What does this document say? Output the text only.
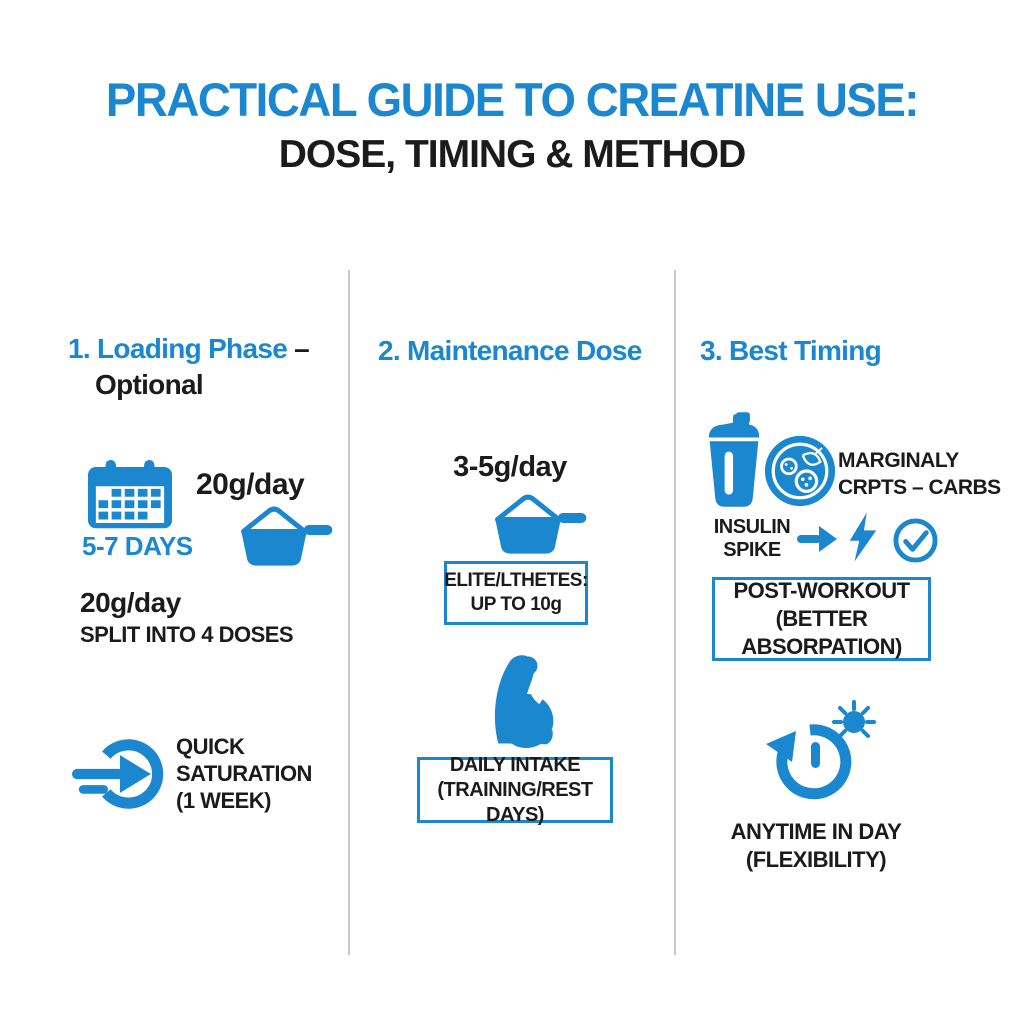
PRACTICAL GUIDE TO CREATINE USE:
DOSE, TIMING & METHOD
1. Loading Phase –
Optional
5-7 DAYS
20g/day
20g/day
SPLIT INTO 4 DOSES
QUICK
SATURATION
(1 WEEK)
2. Maintenance Dose
3-5g/day
ELITE/LTHETES:
UP TO 10g
DAILY INTAKE
(TRAINING/REST DAYS)
3. Best Timing
MARGINALY
CRPTS – CARBS
INSULIN
SPIKE
POST-WORKOUT
(BETTER ABSORPATION)
ANYTIME IN DAY
(FLEXIBILITY)
